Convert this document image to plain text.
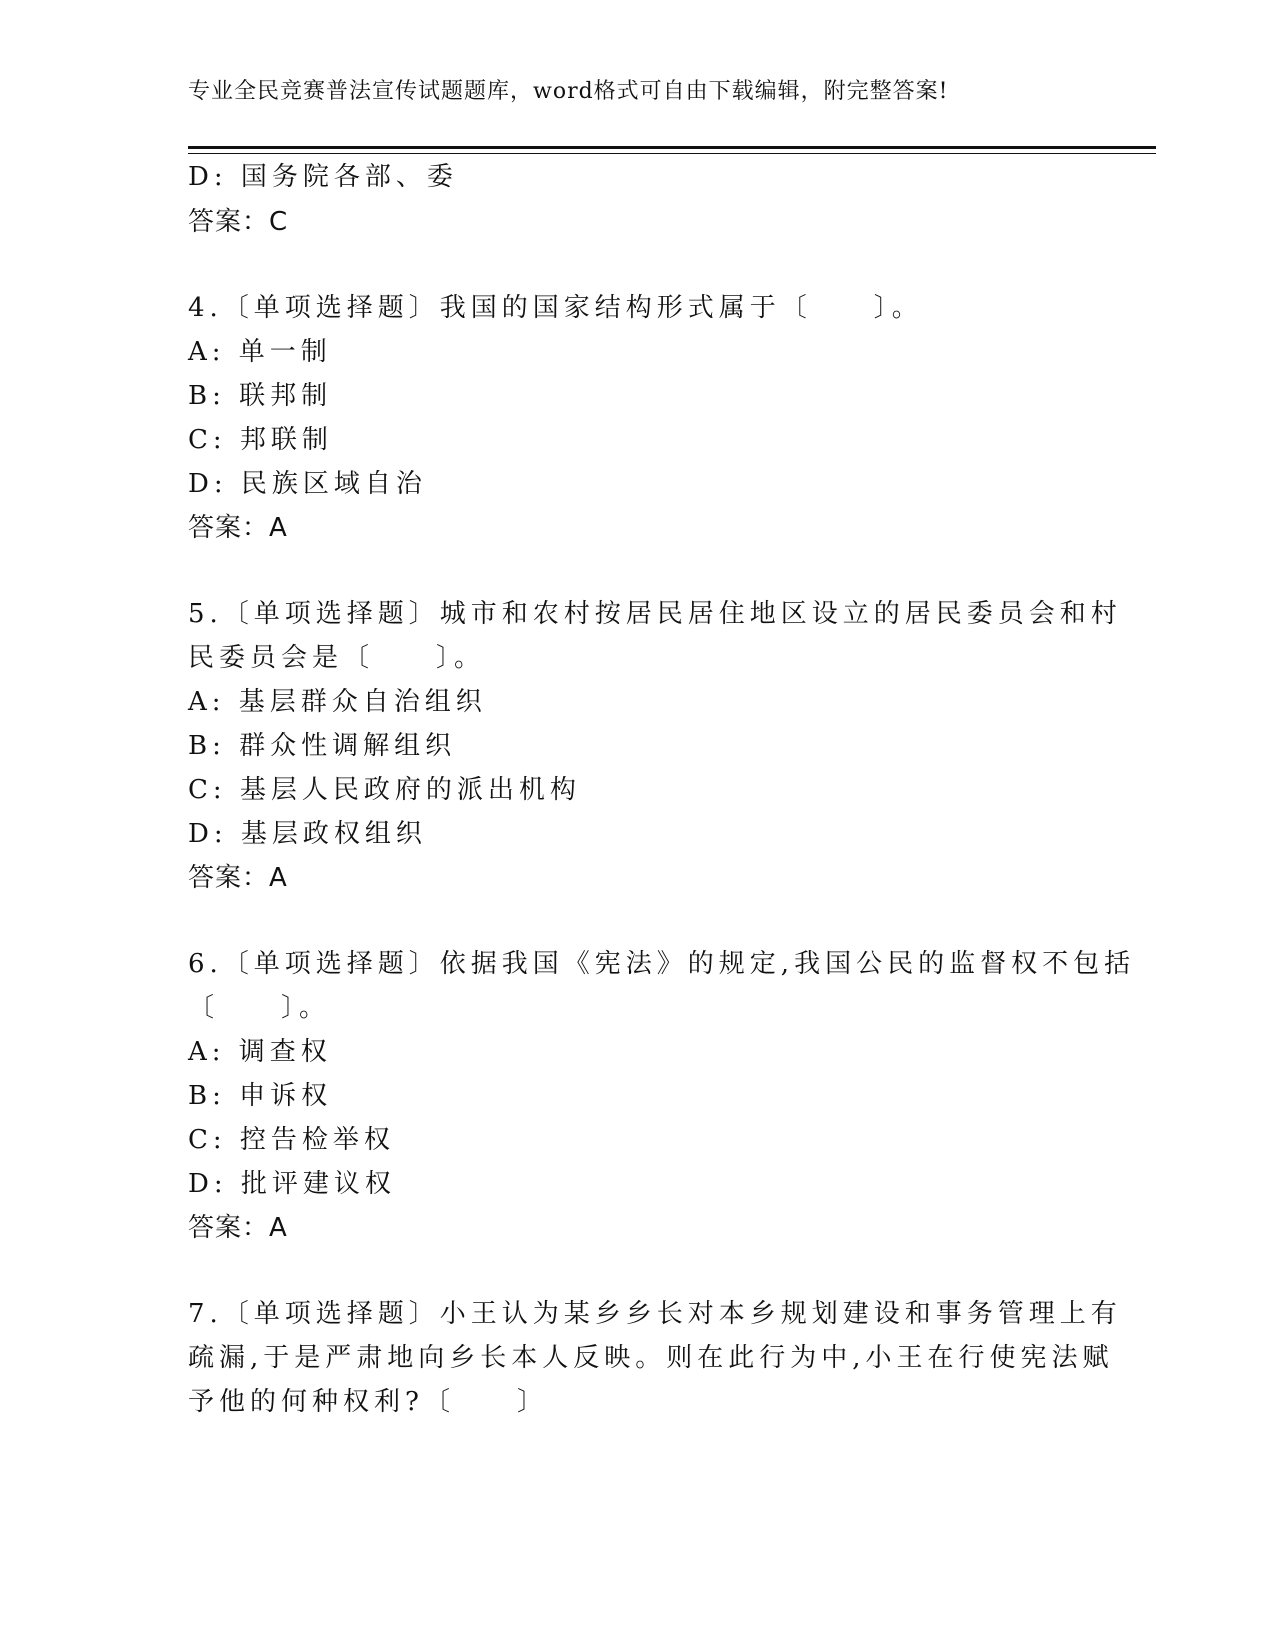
专业全民竞赛普法宣传试题题库，word格式可自由下载编辑，附完整答案!
D: 国务院各部、委
答案：C
4.〔单项选择题〕我国的国家结构形式属于〔　　〕。
A: 单一制
B: 联邦制
C: 邦联制
D: 民族区域自治
答案：A
5.〔单项选择题〕城市和农村按居民居住地区设立的居民委员会和村
民委员会是〔　　〕。
A: 基层群众自治组织
B: 群众性调解组织
C: 基层人民政府的派出机构
D: 基层政权组织
答案：A
6.〔单项选择题〕依据我国《宪法》的规定,我国公民的监督权不包括
〔　　〕。
A: 调查权
B: 申诉权
C: 控告检举权
D: 批评建议权
答案：A
7.〔单项选择题〕小王认为某乡乡长对本乡规划建设和事务管理上有
疏漏,于是严肃地向乡长本人反映。则在此行为中,小王在行使宪法赋
予他的何种权利?〔　　〕
